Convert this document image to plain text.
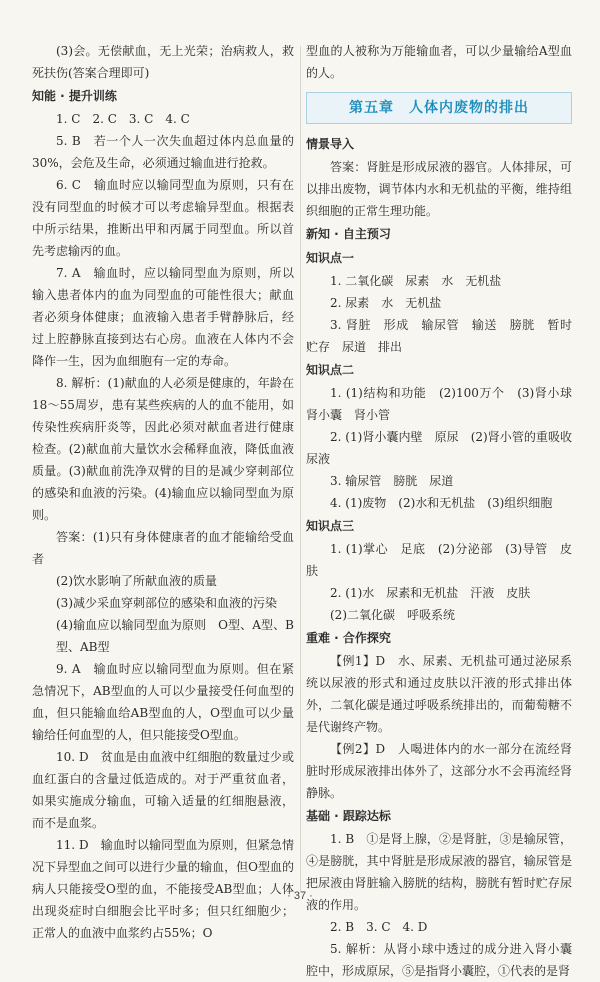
(3)会。无偿献血，无上光荣；治病救人，救死扶伤(答案合理即可)

知能 · 提升训练

1. C　2. C　3. C　4. C

5. B　若一个人一次失血超过体内总血量的30%，会危及生命，必须通过输血进行抢救。

6. C　输血时应以输同型血为原则，只有在没有同型血的时候才可以考虑输异型血。根据表中所示结果，推断出甲和丙属于同型血。所以首先考虑输丙的血。

7. A　输血时，应以输同型血为原则，所以输入患者体内的血为同型血的可能性很大；献血者必须身体健康；血液输入患者手臂静脉后，经过上腔静脉直接到达右心房。血液在人体内不会降作一生，因为血细胞有一定的寿命。

8. 解析：(1)献血的人必须是健康的，年龄在18～55周岁，患有某些疾病的人的血不能用，如传染性疾病肝炎等，因此必须对献血者进行健康检查。(2)献血前大量饮水会稀释血液，降低血液质量。(3)献血前洗净双臂的目的是减少穿刺部位的感染和血液的污染。(4)输血应以输同型血为原则。

答案：(1)只有身体健康者的血才能输给受血者

(2)饮水影响了所献血液的质量

(3)减少采血穿刺部位的感染和血液的污染

(4)输血应以输同型血为原则　O型、A型、B型、AB型

9. A　输血时应以输同型血为原则。但在紧急情况下，AB型血的人可以少量接受任何血型的血，但只能输血给AB型血的人，O型血可以少量输给任何血型的人，但只能接受O型血。

10. D　贫血是由血液中红细胞的数量过少或血红蛋白的含量过低造成的。对于严重贫血者，如果实施成分输血，可输入适量的红细胞悬液，而不是血浆。

11. D　输血时以输同型血为原则，但紧急情况下异型血之间可以进行少量的输血，但O型血的病人只能接受O型的血，不能接受AB型血；人体出现炎症时白细胞会比平时多；但只红细胞少；正常人的血液中血浆约占55%；O

型血的人被称为万能输血者，可以少量输给A型血的人。

第五章　人体内废物的排出
情景导入

答案：肾脏是形成尿液的器官。人体排尿，可以排出废物，调节体内水和无机盐的平衡，维持组织细胞的正常生理功能。

新知 · 自主预习
知识点一

1. 二氧化碳　尿素　水　无机盐

2. 尿素　水　无机盐

3. 肾脏　形成　输尿管　输送　膀胱　暂时贮存　尿道　排出

知识点二

1. (1)结构和功能　(2)100万个　(3)肾小球　肾小囊　肾小管

2. (1)肾小囊内壁　原尿　(2)肾小管的重吸收　尿液

3. 输尿管　膀胱　尿道

4. (1)废物　(2)水和无机盐　(3)组织细胞

知识点三

1. (1)掌心　足底　(2)分泌部　(3)导管　皮肤

2. (1)水　尿素和无机盐　汗液　皮肤

(2)二氧化碳　呼吸系统

重难 · 合作探究

【例1】D　水、尿素、无机盐可通过泌尿系统以尿液的形式和通过皮肤以汗液的形式排出体外，二氧化碳是通过呼吸系统排出的，而葡萄糖不是代谢终产物。

【例2】D　人喝进体内的水一部分在流经肾脏时形成尿液排出体外了，这部分水不会再流经肾静脉。

基础 · 跟踪达标

1. B　①是肾上腺，②是肾脏，③是输尿管，④是膀胱，其中肾脏是形成尿液的器官，输尿管是把尿液由肾脏输入膀胱的结构，膀胱有暂时贮存尿液的作用。

2. B　3. C　4. D

5. 解析：从肾小球中透过的成分进入肾小囊腔中，形成原尿，⑤是指肾小囊腔，①代表的是肾

· 37 ·
